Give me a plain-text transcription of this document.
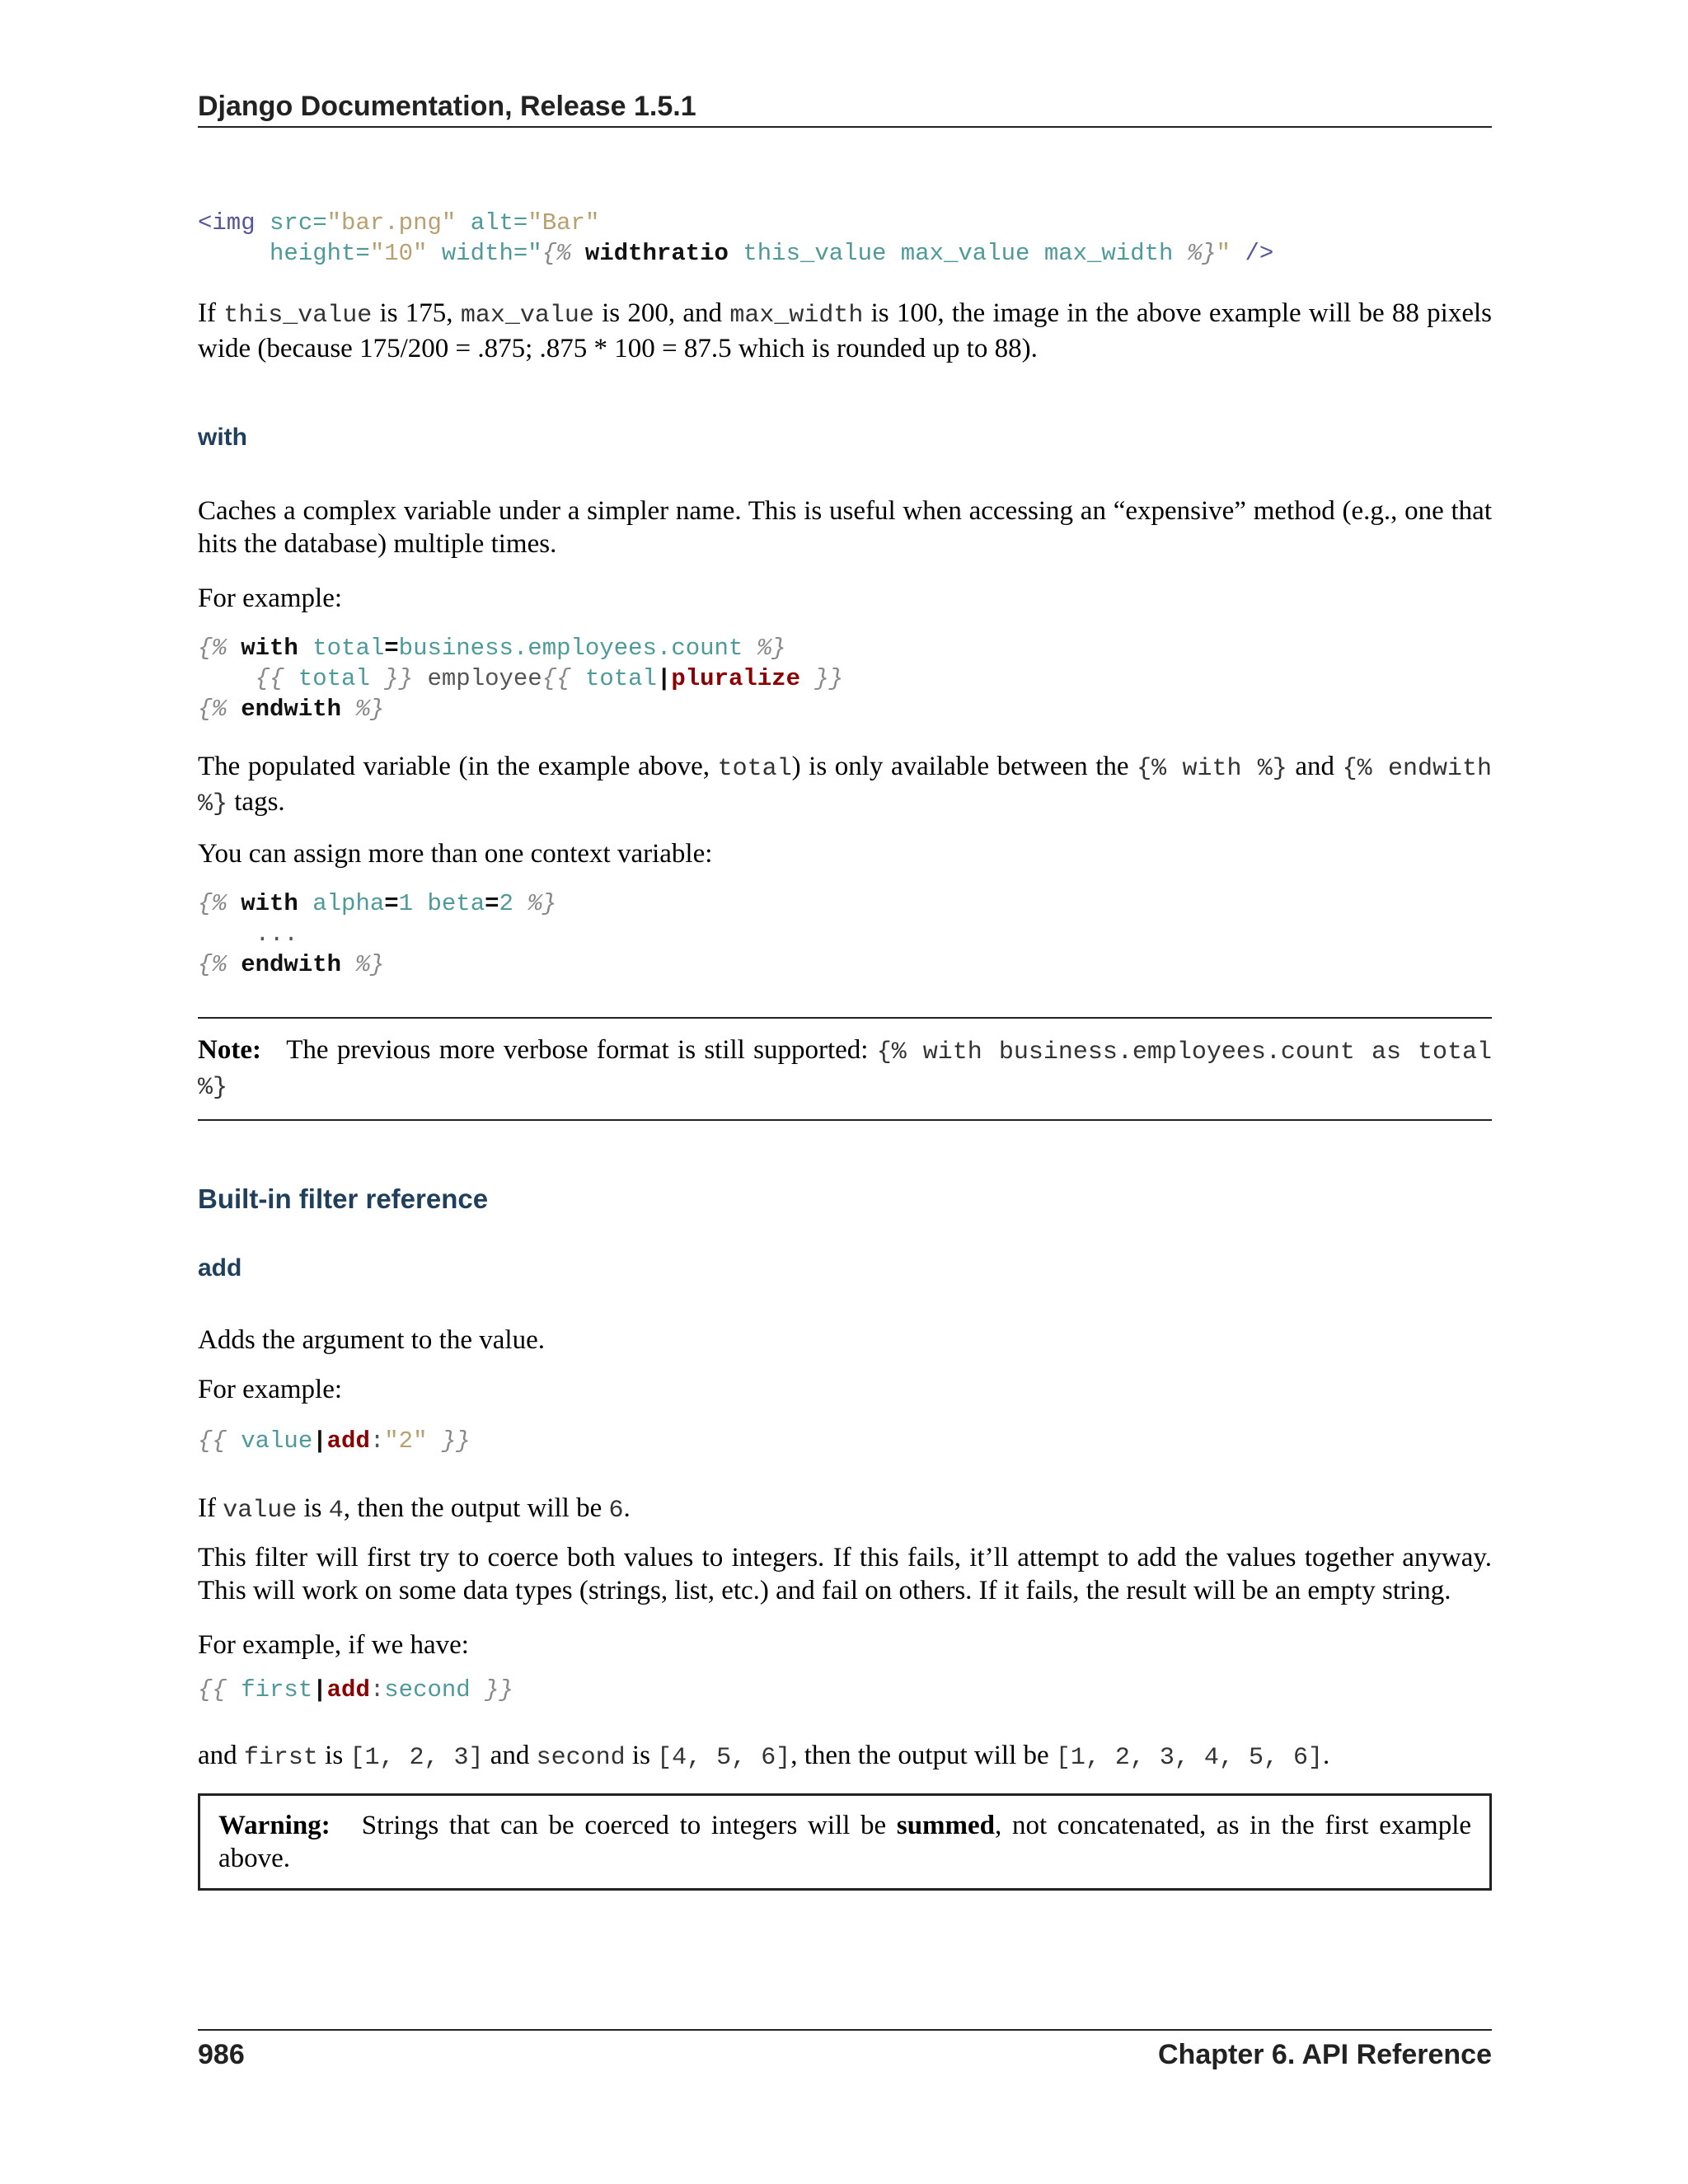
Django Documentation, Release 1.5.1
<img src="bar.png" alt="Bar"
height="10" width="{% widthratio this_value max_value max_width %}" />

If this_value is 175, max_value is 200, and max_width is 100, the image in the above example will be 88 pixels wide (because 175/200 = .875; .875 * 100 = 87.5 which is rounded up to 88).

with

Caches a complex variable under a simpler name. This is useful when accessing an “expensive” method (e.g., one that hits the database) multiple times.

For example:

{% with total=business.employees.count %}
{{ total }} employee{{ total|pluralize }}
{% endwith %}

The populated variable (in the example above, total) is only available between the {% with %} and {% endwith %} tags.

You can assign more than one context variable:

{% with alpha=1 beta=2 %}
...
{% endwith %}
Note: The previous more verbose format is still supported: {% with business.employees.count as total %}
Built-in filter reference
add

Adds the argument to the value.

For example:

{{ value|add:"2" }}

If value is 4, then the output will be 6.

This filter will first try to coerce both values to integers. If this fails, it’ll attempt to add the values together anyway. This will work on some data types (strings, list, etc.) and fail on others. If it fails, the result will be an empty string.

For example, if we have:

{{ first|add:second }}

and first is [1, 2, 3] and second is [4, 5, 6], then the output will be [1, 2, 3, 4, 5, 6].

Warning: Strings that can be coerced to integers will be summed, not concatenated, as in the first example above.
986	Chapter 6. API Reference
